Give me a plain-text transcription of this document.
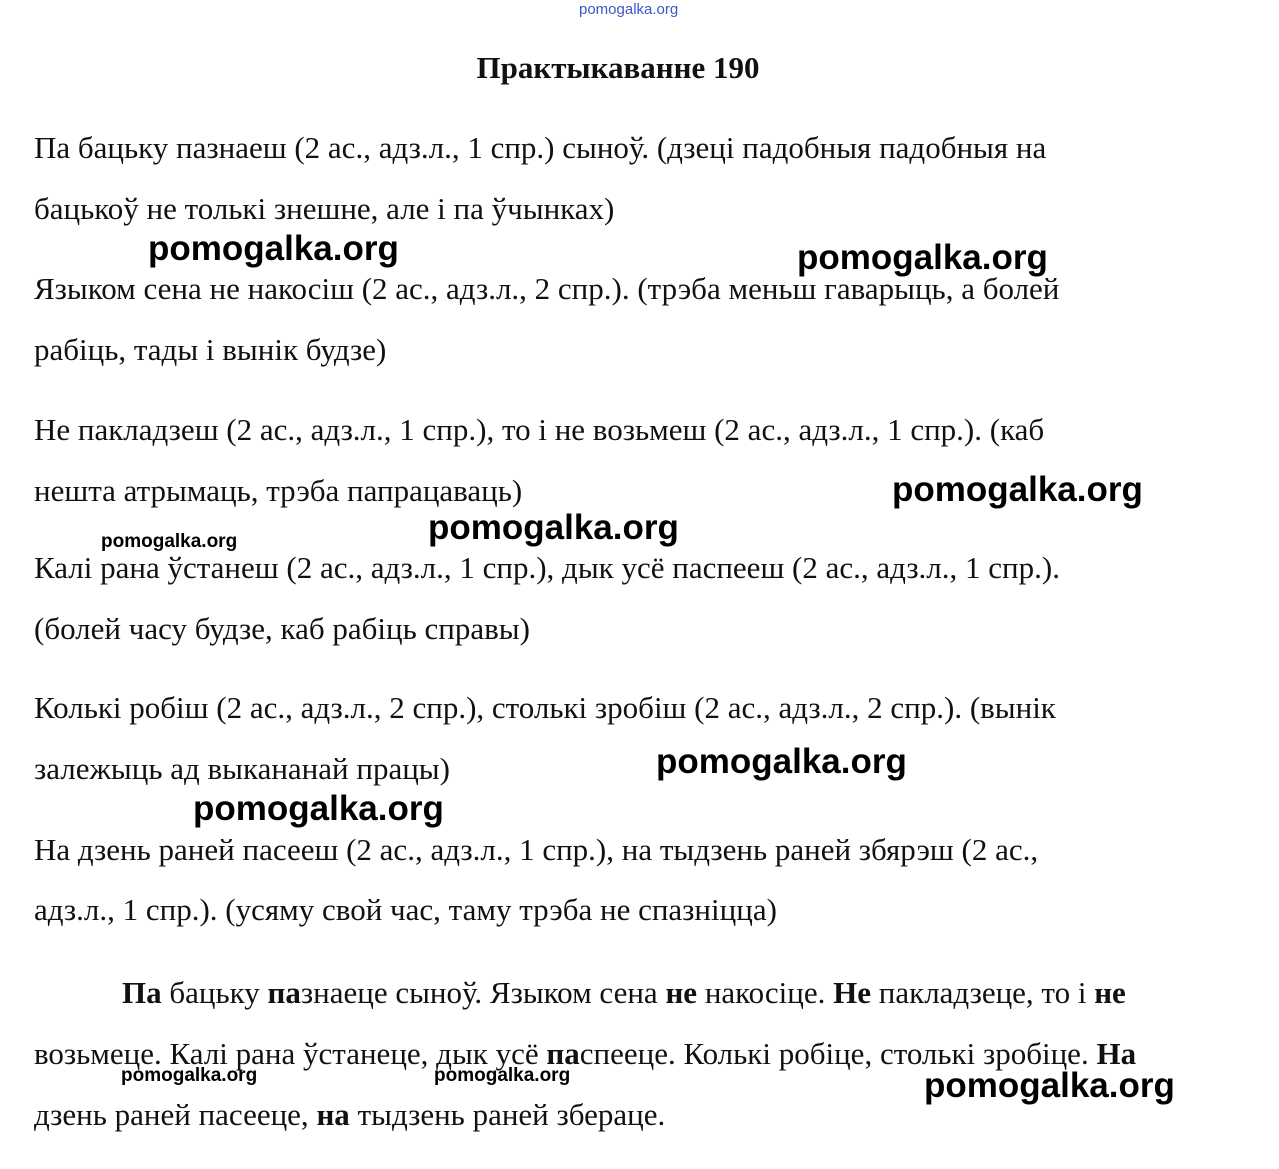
pomogalka.org
Практыкаванне 190
Па бацьку пазнаеш (2 ас., адз.л., 1 спр.) сыноў. (дзеці падобныя падобныя на
бацькоў не толькі знешне, але і па ўчынках)
Языком сена не накосіш (2 ас., адз.л., 2 спр.). (трэба меньш гаварыць, а болей
рабіць, тады і вынік будзе)
Не пакладзеш (2 ас., адз.л., 1 спр.), то і не возьмеш (2 ас., адз.л., 1 спр.). (каб
нешта атрымаць, трэба папрацаваць)
Калі рана ўстанеш (2 ас., адз.л., 1 спр.), дык усё паспееш (2 ас., адз.л., 1 спр.).
(болей часу будзе, каб рабіць справы)
Колькі робіш (2 ас., адз.л., 2 спр.), столькі зробіш (2 ас., адз.л., 2 спр.). (вынік
залежыць ад выкананай працы)
На дзень раней пасееш (2 ас., адз.л., 1 спр.), на тыдзень раней збярэш (2 ас.,
адз.л., 1 спр.). (усяму свой час, таму трэба не спазніцца)
Па бацьку пазнаеце сыноў. Языком сена не накосіце. Не пакладзеце, то і не возьмеце. Калі рана ўстанеце, дык усё паспееце. Колькі робіце, столькі зробіце. На дзень раней пасееце, на тыдзень раней збераце.
pomogalka.org	pomogalka.org
pomogalka.org
pomogalka.org
pomogalka.org
pomogalka.org
pomogalka.org
pomogalka.org	pomogalka.org	pomogalka.org
